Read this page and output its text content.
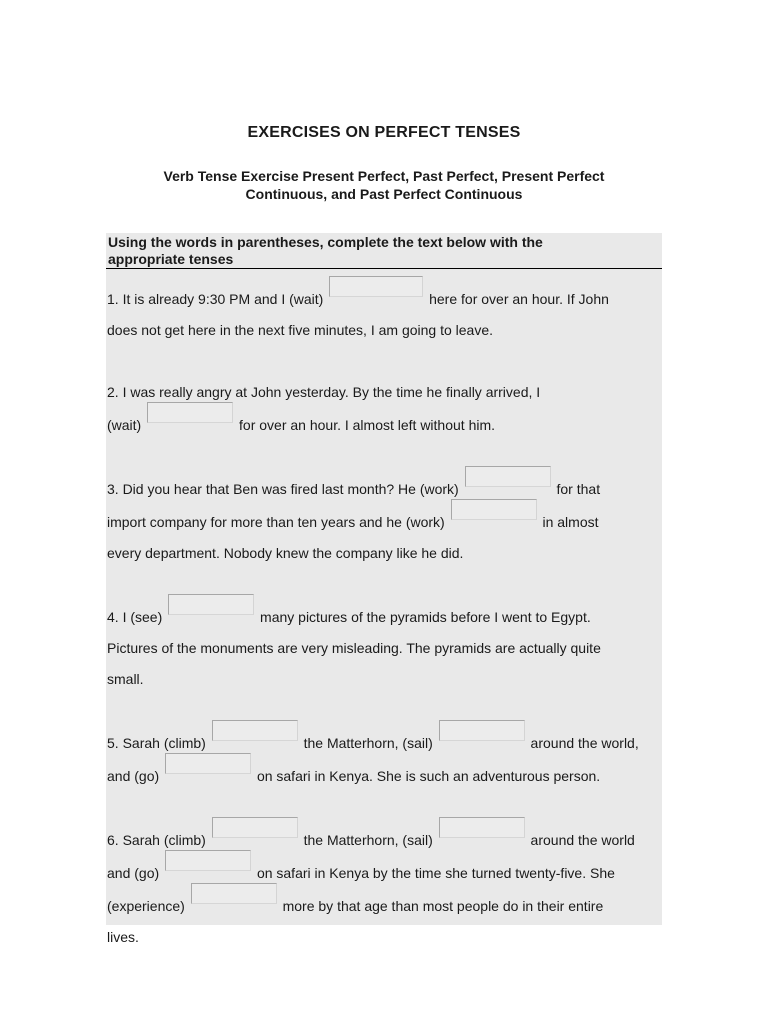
EXERCISES ON PERFECT TENSES
Verb Tense Exercise Present Perfect, Past Perfect, Present Perfect Continuous, and Past Perfect Continuous
Using the words in parentheses, complete the text below with the appropriate tenses
1. It is already 9:30 PM and I (wait)	here for over an hour. If John
does not get here in the next five minutes, I am going to leave.
2. I was really angry at John yesterday. By the time he finally arrived, I
(wait)	for over an hour. I almost left without him.
3. Did you hear that Ben was fired last month? He (work)	for that
import company for more than ten years and he (work)	in almost
every department. Nobody knew the company like he did.
4. I (see)	many pictures of the pyramids before I went to Egypt.
Pictures of the monuments are very misleading. The pyramids are actually quite
small.
5. Sarah (climb)	the Matterhorn, (sail)	around the world,
and (go)	on safari in Kenya. She is such an adventurous person.
6. Sarah (climb)	the Matterhorn, (sail)	around the world
and (go)	on safari in Kenya by the time she turned twenty-five. She
(experience)	more by that age than most people do in their entire
lives.
